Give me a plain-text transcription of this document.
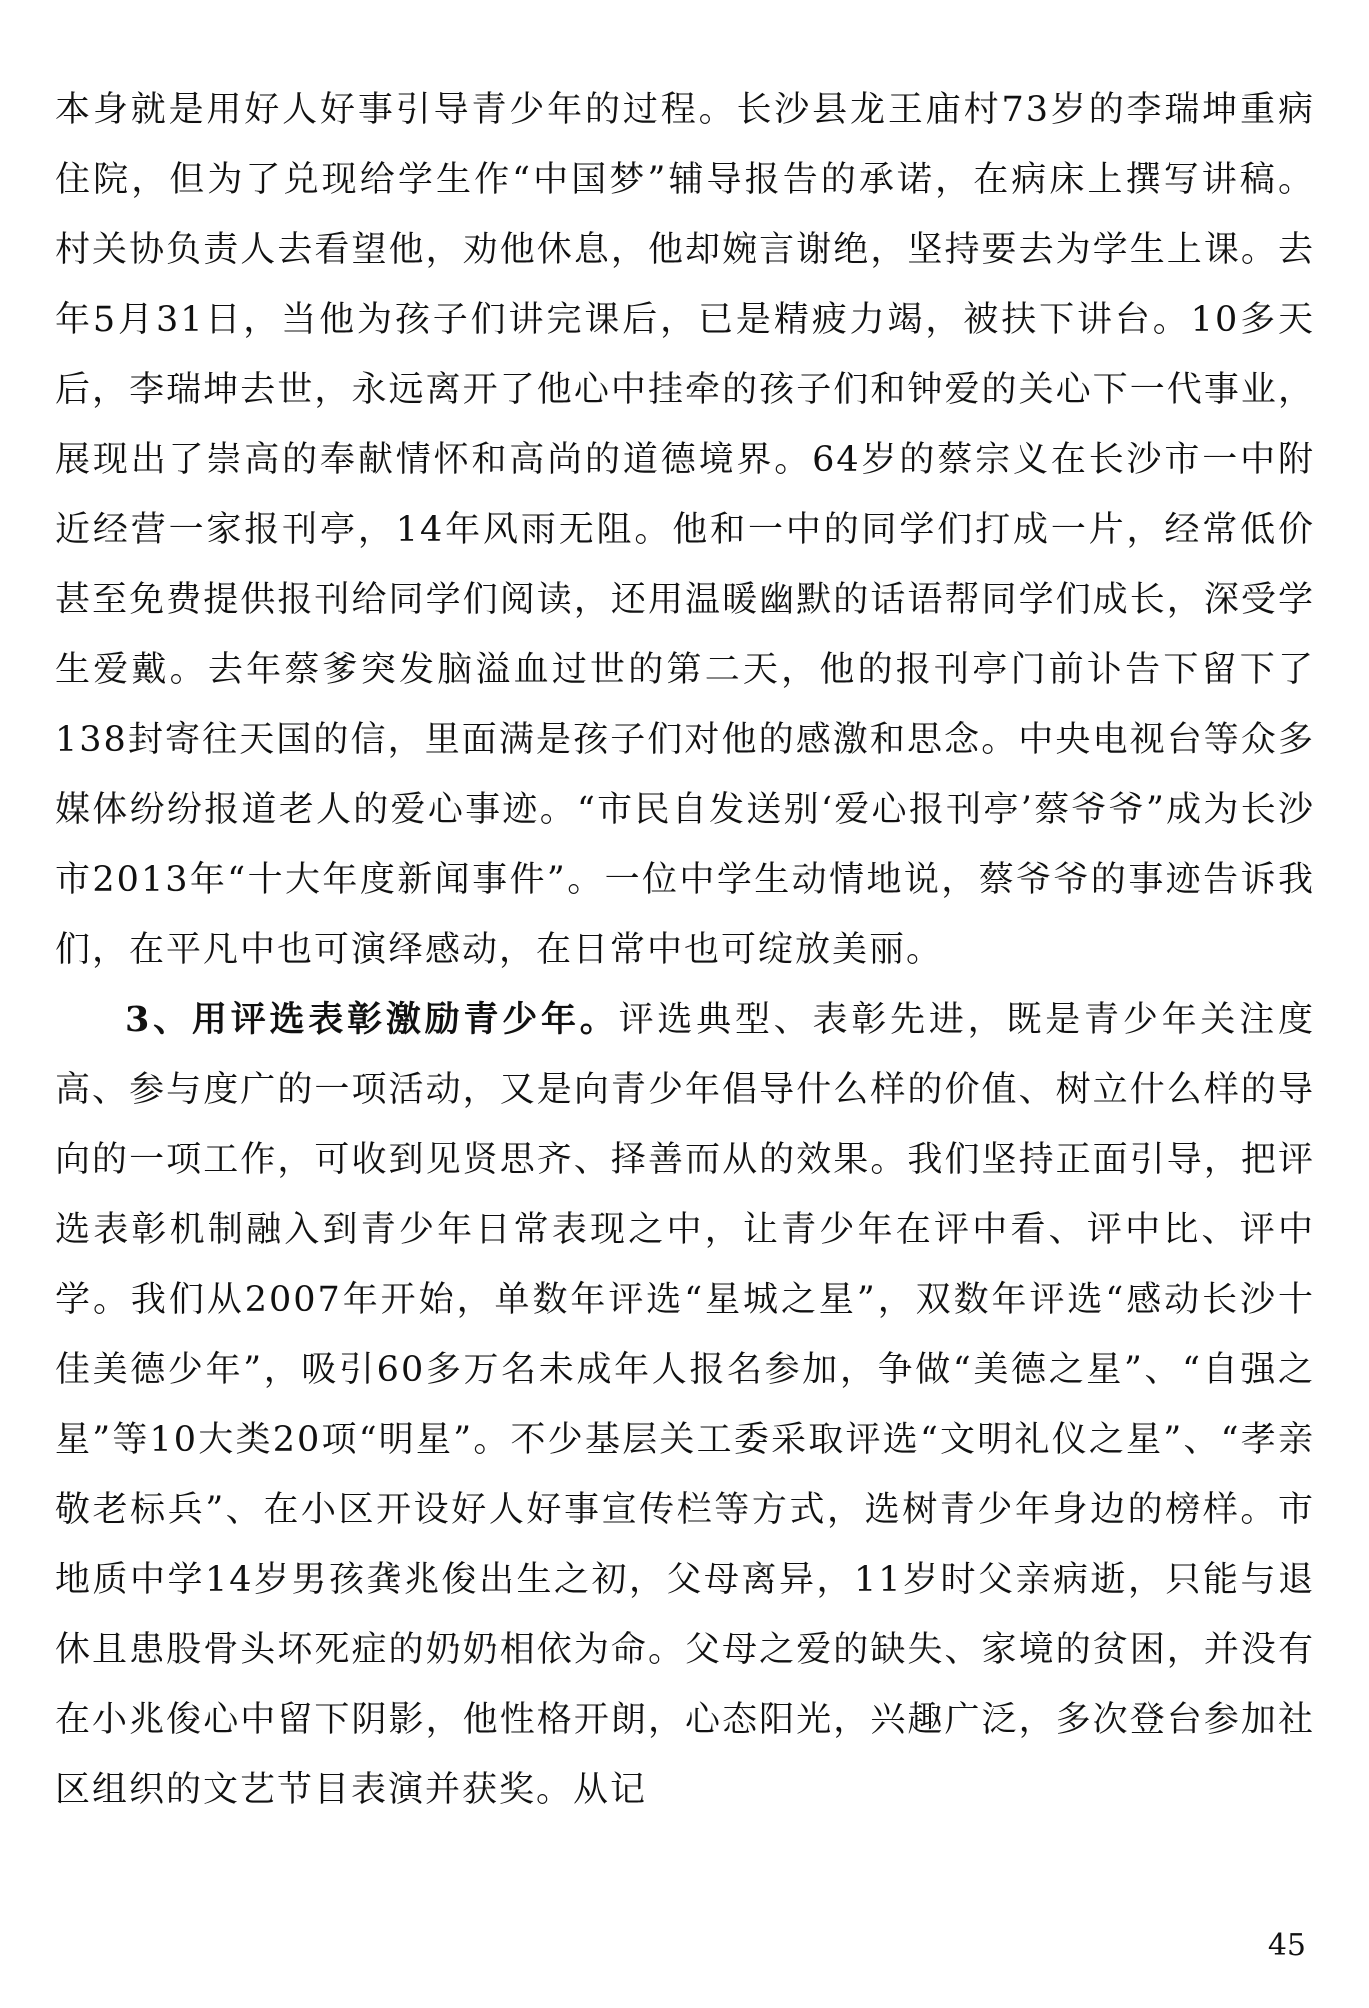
本身就是用好人好事引导青少年的过程。长沙县龙王庙村73岁的李瑞坤重病住院，但为了兑现给学生作“中国梦”辅导报告的承诺，在病床上撰写讲稿。村关协负责人去看望他，劝他休息，他却婉言谢绝，坚持要去为学生上课。去年5月31日，当他为孩子们讲完课后，已是精疲力竭，被扶下讲台。10多天后，李瑞坤去世，永远离开了他心中挂牵的孩子们和钟爱的关心下一代事业，展现出了崇高的奉献情怀和高尚的道德境界。64岁的蔡宗义在长沙市一中附近经营一家报刊亭，14年风雨无阻。他和一中的同学们打成一片，经常低价甚至免费提供报刊给同学们阅读，还用温暖幽默的话语帮同学们成长，深受学生爱戴。去年蔡爹突发脑溢血过世的第二天，他的报刊亭门前讣告下留下了138封寄往天国的信，里面满是孩子们对他的感激和思念。中央电视台等众多媒体纷纷报道老人的爱心事迹。“市民自发送别‘爱心报刊亭’蔡爷爷”成为长沙市2013年“十大年度新闻事件”。一位中学生动情地说，蔡爷爷的事迹告诉我们，在平凡中也可演绎感动，在日常中也可绽放美丽。

3、用评选表彰激励青少年。评选典型、表彰先进，既是青少年关注度高、参与度广的一项活动，又是向青少年倡导什么样的价值、树立什么样的导向的一项工作，可收到见贤思齐、择善而从的效果。我们坚持正面引导，把评选表彰机制融入到青少年日常表现之中，让青少年在评中看、评中比、评中学。我们从2007年开始，单数年评选“星城之星”，双数年评选“感动长沙十佳美德少年”，吸引60多万名未成年人报名参加，争做“美德之星”、“自强之星”等10大类20项“明星”。不少基层关工委采取评选“文明礼仪之星”、“孝亲敬老标兵”、在小区开设好人好事宣传栏等方式，选树青少年身边的榜样。市地质中学14岁男孩龚兆俊出生之初，父母离异，11岁时父亲病逝，只能与退休且患股骨头坏死症的奶奶相依为命。父母之爱的缺失、家境的贫困，并没有在小兆俊心中留下阴影，他性格开朗，心态阳光，兴趣广泛，多次登台参加社区组织的文艺节目表演并获奖。从记

45
